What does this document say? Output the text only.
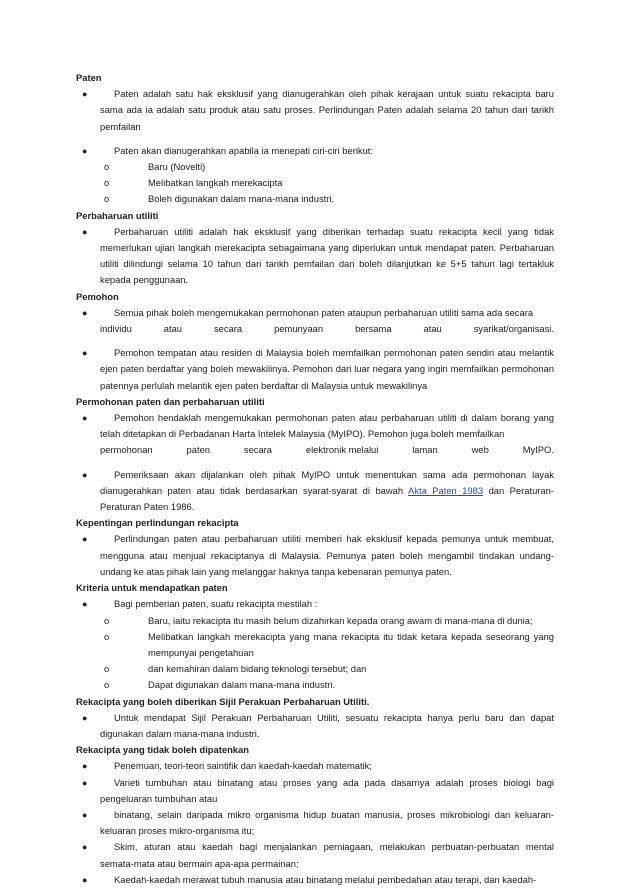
Paten

●	Paten adalah satu hak eksklusif yang dianugerahkan oleh pihak kerajaan untuk suatu rekacipta baru sama ada ia adalah satu produk atau satu proses. Perlindungan Paten adalah selama 20 tahun dari tarikh pemfailan
●	Paten akan dianugerahkan apabila ia menepati ciri-ciri berikut:
o	Baru (Novelti)
o	Melibatkan langkah merekacipta
o	Boleh digunakan dalam mana-mana industri.

Perbaharuan utiliti

●	Perbaharuan utiliti adalah hak eksklusif yang diberikan terhadap suatu rekacipta kecil yang tidak memerlukan ujian langkah merekacipta sebagaimana yang diperlukan untuk mendapat paten. Perbaharuan utiliti dilindungi selama 10 tahun dari tarikh pemfailan dan boleh dilanjutkan ke 5+5 tahun lagi tertakluk kepada penggunaan.

Pemohon

●	Semua pihak boleh mengemukakan permohonan paten ataupun perbaharuan utiliti sama ada secara
individu	atau	secara	pemunyaan	bersama	atau	syarikat/organisasi.
●	Pemohon tempatan atau residen di Malaysia boleh memfailkan permohonan paten sendiri atau melantik ejen paten berdaftar yang boleh mewakilinya. Pemohon dari luar negara yang ingin memfailkan permohonan patennya perlulah melantik ejen paten berdaftar di Malaysia untuk mewakilinya

Permohonan paten dan perbaharuan utiliti

●	Pemohon hendaklah mengemukakan permohonan paten atau perbaharuan utiliti di dalam borang yang telah ditetapkan di Perbadanan Harta Intelek Malaysia (MyIPO). Pemohon juga boleh memfailkan
permohonan	paten	secara	elektronik melalui	laman	web	MyIPO.
●	Pemeriksaan akan dijalankan oleh pihak MyIPO untuk menentukan sama ada permohonan layak dianugerahkan paten atau tidak berdasarkan syarat-syarat di bawah Akta Paten 1983 dan Peraturan-Peraturan Paten 1986.

Kepentingan perlindungan rekacipta

●	Perlindungan paten atau perbaharuan utiliti memberi hak eksklusif kepada pemunya untuk membuat, mengguna atau menjual rekaciptanya di Malaysia. Pemunya paten boleh mengambil tindakan undang-undang ke atas pihak lain yang melanggar haknya tanpa kebenaran pemunya paten.

Kriteria untuk mendapatkan paten

●	Bagi pemberian paten, suatu rekacipta mestilah :
o	Baru, iaitu rekacipta itu masih belum dizahirkan kepada orang awam di mana-mana di dunia;
o	Melibatkan langkah merekacipta yang mana rekacipta itu tidak ketara kepada seseorang yang mempunyai pengetahuan
o	dan kemahiran dalam bidang teknologi tersebut; dan
o	Dapat digunakan dalam mana-mana industri.

Rekacipta yang boleh diberikan Sijil Perakuan Perbaharuan Utiliti.

●	Untuk mendapat Sijil Perakuan Perbaharuan Utiliti, sesuatu rekacipta hanya perlu baru dan dapat digunakan dalam mana-mana industri.

Rekacipta yang tidak boleh dipatenkan

●	Penemuan, teori-teori saintifik dan kaedah-kaedah matematik;
●	Varieti tumbuhan atau binatang atau proses yang ada pada dasarnya adalah proses biologi bagi pengeluaran tumbuhan atau
●	binatang, selain daripada mikro organisma hidup buatan manusia, proses mikrobiologi dan keluaran-keluaran proses mikro-organisma itu;
●	Skim, aturan atau kaedah bagi menjalankan perniagaan, melakukan perbuatan-perbuatan mental semata-mata atau bermain apa-apa permainan;
●	Kaedah-kaedah merawat tubuh manusia atau binatang melalui pembedahan atau terapi, dan kaedah-
